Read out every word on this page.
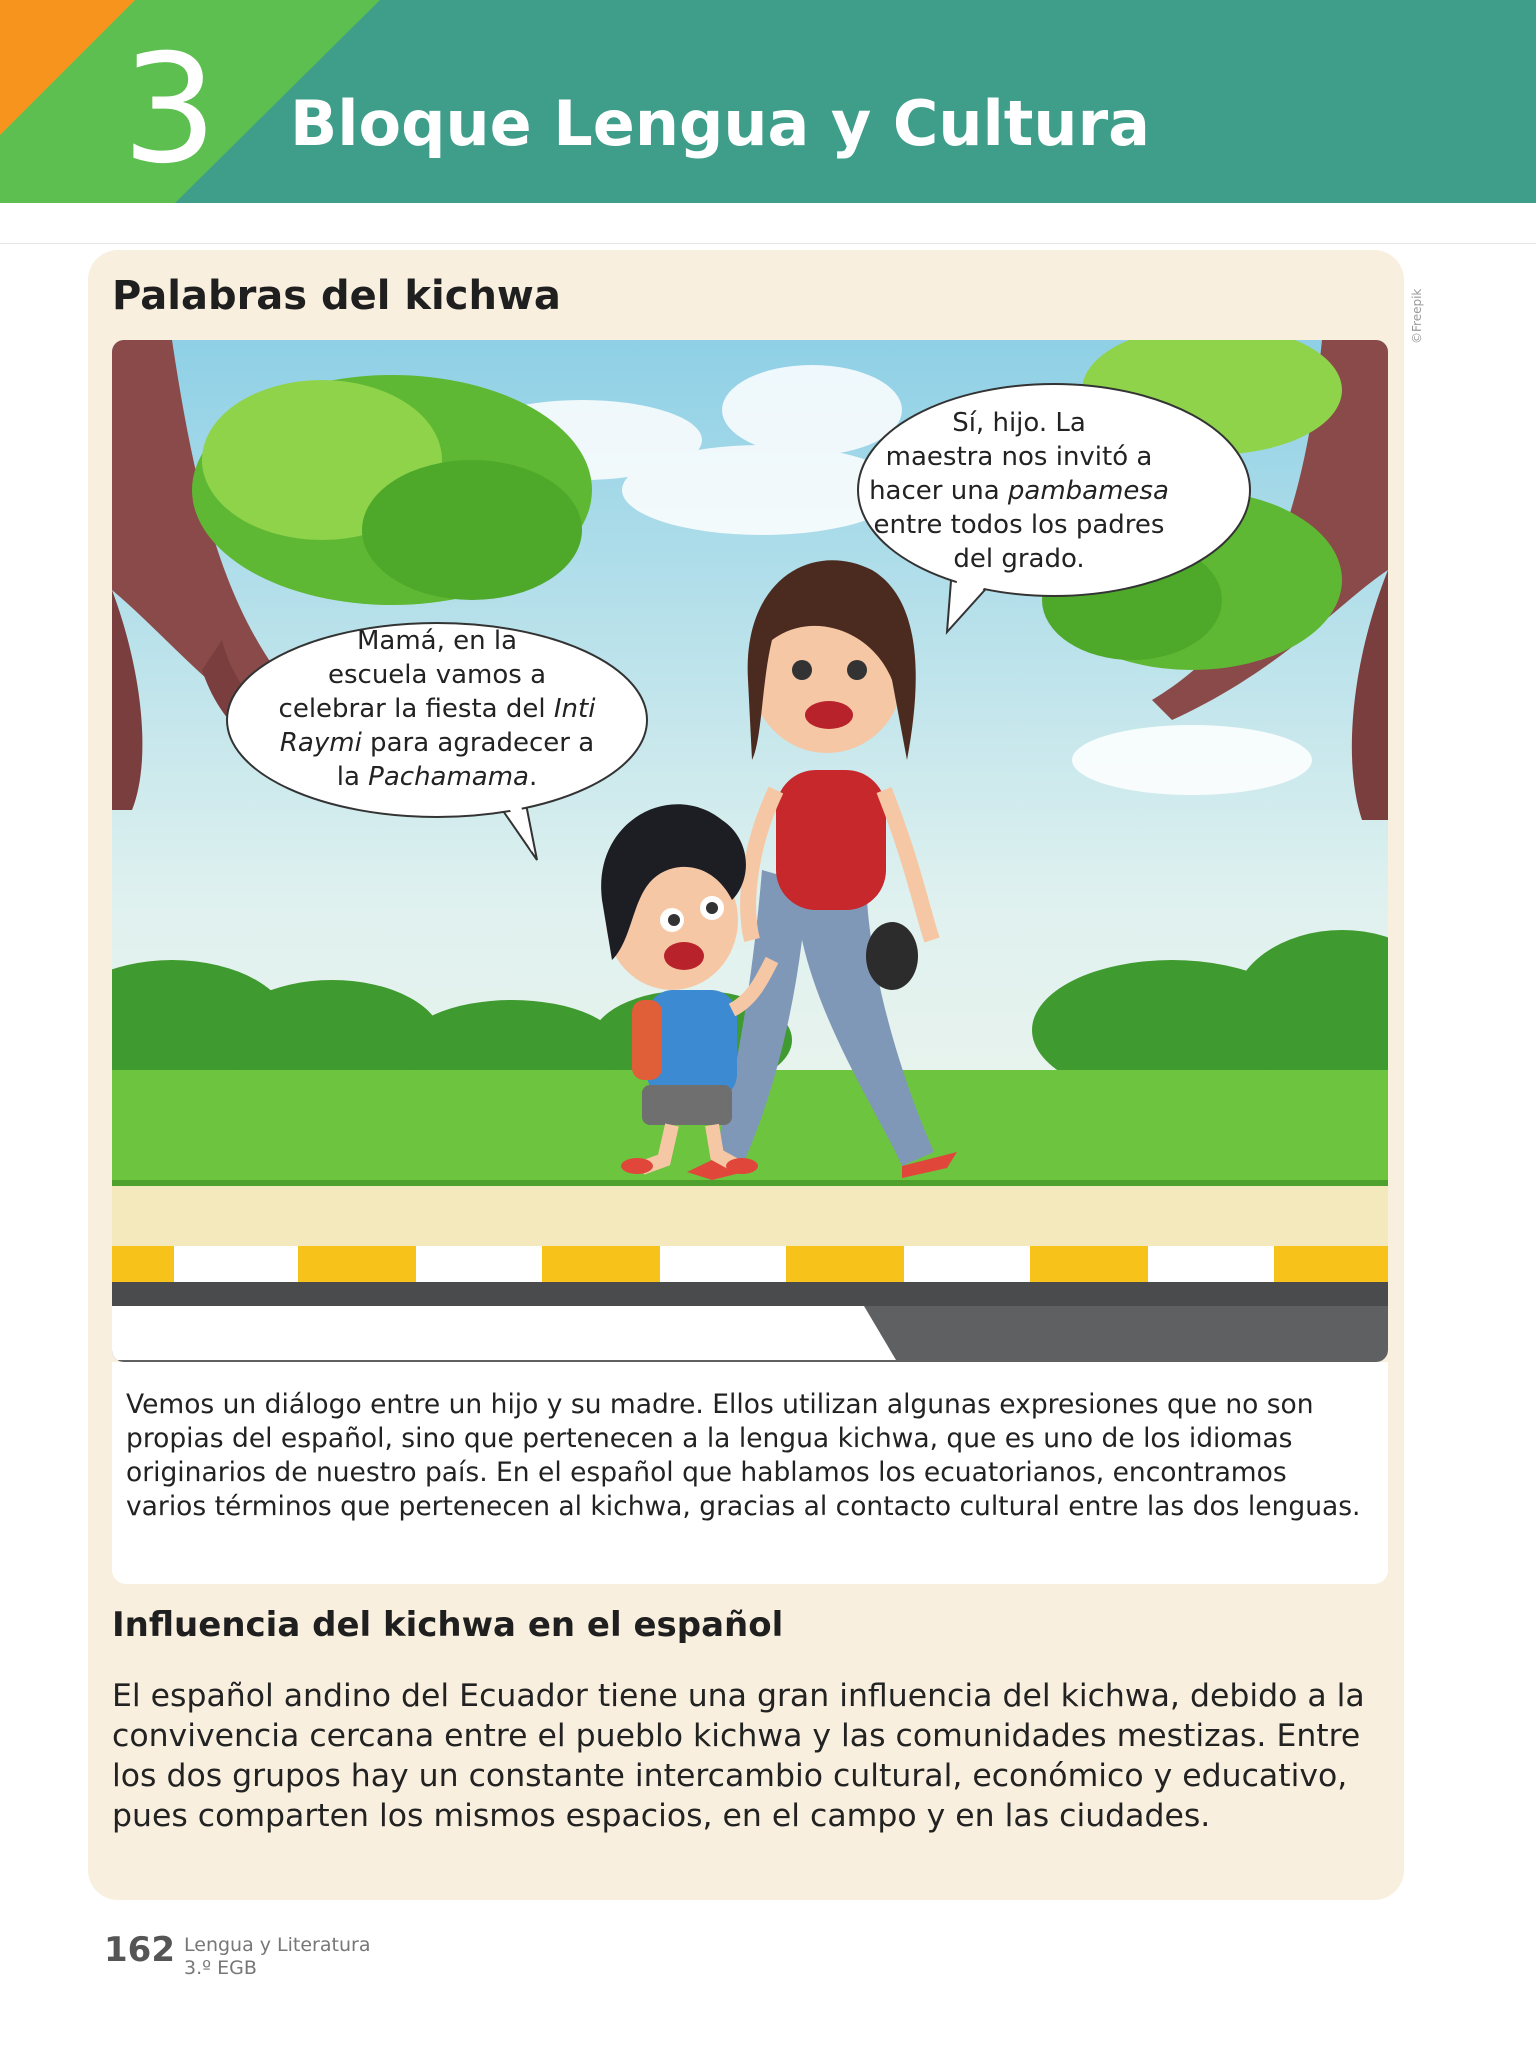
3 Bloque Lengua y Cultura
Palabras del kichwa	©Freepik
Mamá, en la
escuela vamos a
celebrar la fiesta del Inti
Raymi para agradecer a
la Pachamama.
Sí, hijo. La
maestra nos invitó a
hacer una pambamesa
entre todos los padres
del grado.
Vemos un diálogo entre un hijo y su madre. Ellos utilizan algunas expresiones que no son propias del español, sino que pertenecen a la lengua kichwa, que es uno de los idiomas originarios de nuestro país. En el español que hablamos los ecuatorianos, encontramos varios términos que pertenecen al kichwa, gracias al contacto cultural entre las dos lenguas.
Influencia del kichwa en el español
El español andino del Ecuador tiene una gran influencia del kichwa, debido a la convivencia cercana entre el pueblo kichwa y las comunidades mestizas. Entre los dos grupos hay un constante intercambio cultural, económico y educativo, pues comparten los mismos espacios, en el campo y en las ciudades.
162 Lengua y Literatura
3.º EGB
